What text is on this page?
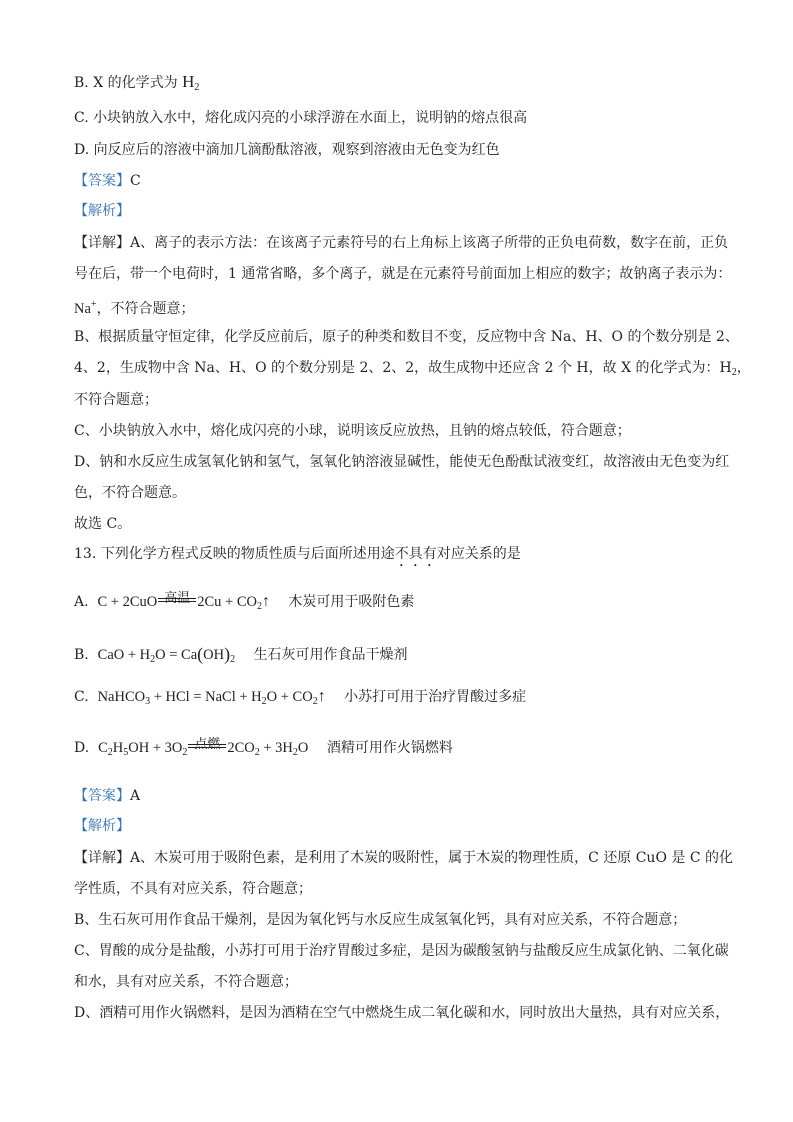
B. X 的化学式为 $H_2$
C. 小块钠放入水中，熔化成闪亮的小球浮游在水面上，说明钠的熔点很高
D. 向反应后的溶液中滴加几滴酚酞溶液，观察到溶液由无色变为红色
【答案】C
【解析】
【详解】A、离子的表示方法：在该离子元素符号的右上角标上该离子所带的正负电荷数，数字在前，正负
号在后，带一个电荷时，1 通常省略，多个离子，就是在元素符号前面加上相应的数字；故钠离子表示为：
Na+，不符合题意；
B、根据质量守恒定律，化学反应前后，原子的种类和数目不变，反应物中含 Na、H、O 的个数分别是 2、
4、2，生成物中含 Na、H、O 的个数分别是 2、2、2，故生成物中还应含 2 个 H，故 X 的化学式为：$H_2$，
不符合题意；
C、小块钠放入水中，熔化成闪亮的小球，说明该反应放热，且钠的熔点较低，符合题意；
D、钠和水反应生成氢氧化钠和氢气，氢氧化钠溶液显碱性，能使无色酚酞试液变红，故溶液由无色变为红
色，不符合题意。
故选 C。
13. 下列化学方程式反映的物质性质与后面所述用途不具有对应关系的是
A. C + 2CuO 高温 $2Cu + CO_2↑$ 木炭可用于吸附色素
B. CaO + $H_2O = Ca(OH)_2$ 生石灰可用作食品干燥剂
C. NaHCO$_3$ + HCl = NaCl + $H_2O$ + $CO_2↑$ 小苏打可用于治疗胃酸过多症
D. $C_2H_5OH + 3O_2$
点燃 $2CO_2 + 3H_2O$ 酒精可用作火锅燃料
【答案】A
【解析】
【详解】A、木炭可用于吸附色素，是利用了木炭的吸附性，属于木炭的物理性质，C 还原 CuO 是 C 的化
学性质，不具有对应关系，符合题意；
B、生石灰可用作食品干燥剂，是因为氧化钙与水反应生成氢氧化钙，具有对应关系，不符合题意；
C、胃酸的成分是盐酸，小苏打可用于治疗胃酸过多症，是因为碳酸氢钠与盐酸反应生成氯化钠、二氧化碳
和水，具有对应关系，不符合题意；
D、酒精可用作火锅燃料，是因为酒精在空气中燃烧生成二氧化碳和水，同时放出大量热，具有对应关系，
